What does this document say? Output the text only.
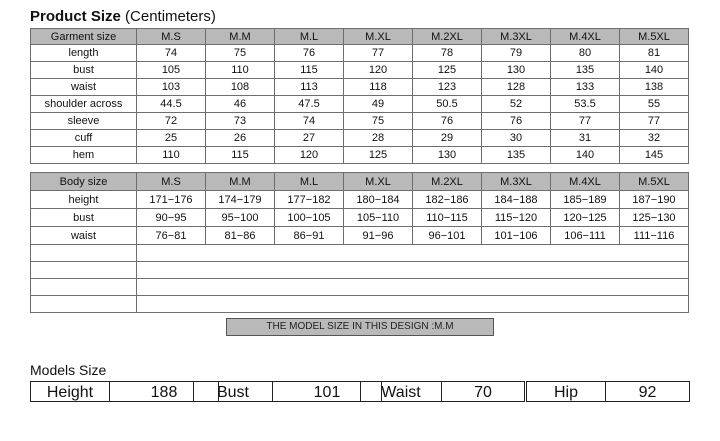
Product Size (Centimeters)
Garment size	M.S	M.M	M.L	M.XL	M.2XL	M.3XL	M.4XL	M.5XL
length	74	75	76	77	78	79	80	81
bust	105	110	115	120	125	130	135	140
waist	103	108	113	118	123	128	133	138
shoulder across	44.5	46	47.5	49	50.5	52	53.5	55
sleeve	72	73	74	75	76	76	77	77
cuff	25	26	27	28	29	30	31	32
hem	110	115	120	125	130	135	140	145
Body size	M.S	M.M	M.L	M.XL	M.2XL	M.3XL	M.4XL	M.5XL
height	171−176	174−179	177−182	180−184	182−186	184−188	185−189	187−190
bust	90−95	95−100	100−105	105−110	110−115	115−120	120−125	125−130
waist	76−81	81−86	86−91	91−96	96−101	101−106	106−111	111−116

THE MODEL SIZE IN THIS DESIGN :M.M
Models Size
Height	188	Bust	101	Waist	70	Hip	92
